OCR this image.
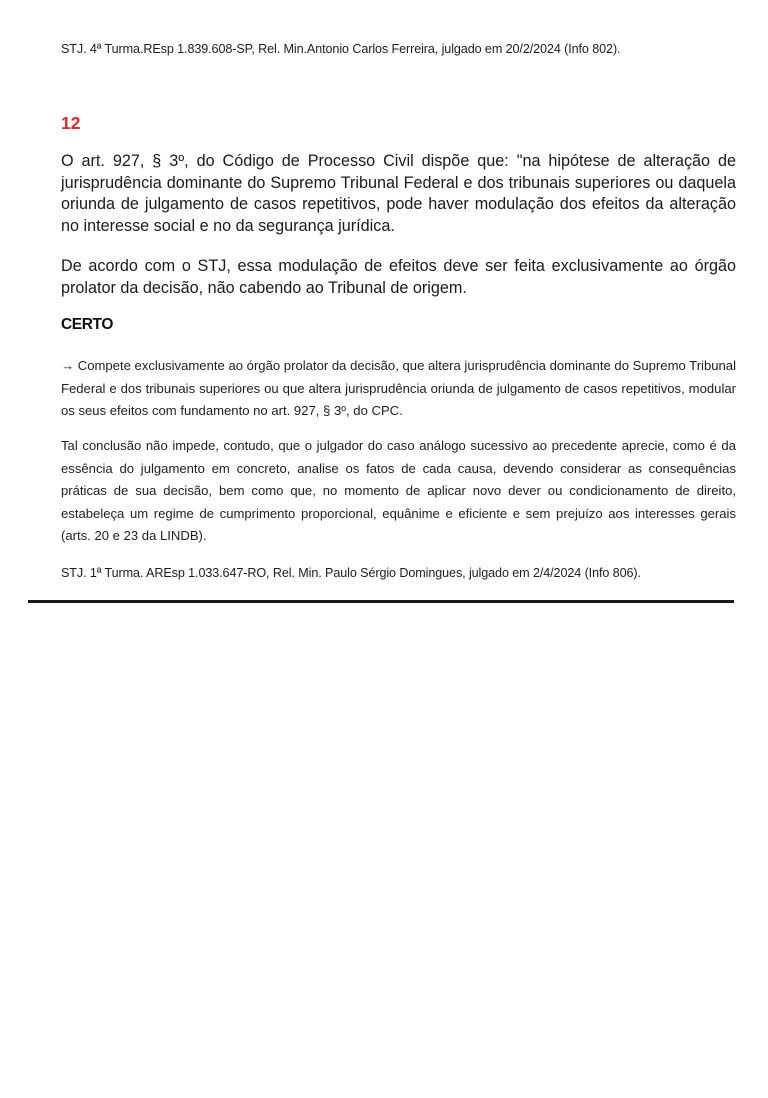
STJ. 4ª Turma.REsp 1.839.608-SP, Rel. Min.Antonio Carlos Ferreira, julgado em 20/2/2024 (Info 802).
12

O art. 927, § 3º, do Código de Processo Civil dispõe que: "na hipótese de alteração de jurisprudência dominante do Supremo Tribunal Federal e dos tribunais superiores ou daquela oriunda de julgamento de casos repetitivos, pode haver modulação dos efeitos da alteração no interesse social e no da segurança jurídica.

De acordo com o STJ, essa modulação de efeitos deve ser feita exclusivamente ao órgão prolator da decisão, não cabendo ao Tribunal de origem.

CERTO

→ Compete exclusivamente ao órgão prolator da decisão, que altera jurisprudência dominante do Supremo Tribunal Federal e dos tribunais superiores ou que altera jurisprudência oriunda de julgamento de casos repetitivos, modular os seus efeitos com fundamento no art. 927, § 3º, do CPC.

Tal conclusão não impede, contudo, que o julgador do caso análogo sucessivo ao precedente aprecie, como é da essência do julgamento em concreto, analise os fatos de cada causa, devendo considerar as consequências práticas de sua decisão, bem como que, no momento de aplicar novo dever ou condicionamento de direito, estabeleça um regime de cumprimento proporcional, equânime e eficiente e sem prejuízo aos interesses gerais (arts. 20 e 23 da LINDB).

STJ. 1ª Turma. AREsp 1.033.647-RO, Rel. Min. Paulo Sérgio Domingues, julgado em 2/4/2024 (Info 806).
